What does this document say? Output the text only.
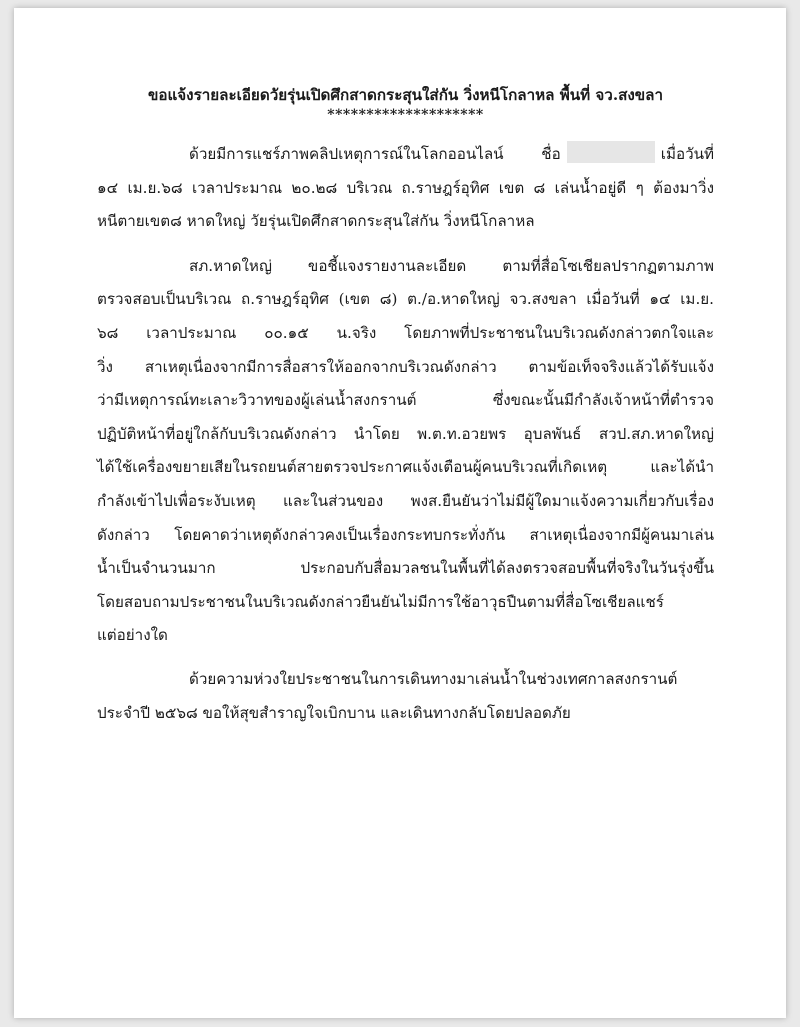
ขอแจ้งรายละเอียดวัยรุ่นเปิดศึกสาดกระสุนใส่กัน วิ่งหนีโกลาหล พื้นที่ จว.สงขลา

********************

ด้วยมีการแชร์ภาพคลิปเหตุการณ์ในโลกออนไลน์ ชื่อ	เมื่อวันที่
๑๔ เม.ย.๖๘ เวลาประมาณ ๒๐.๒๘ บริเวณ ถ.ราษฎร์อุทิศ เขต ๘ เล่นน้ำอยู่ดี ๆ ต้องมาวิ่ง
หนีตายเขต๘ หาดใหญ่ วัยรุ่นเปิดศึกสาดกระสุนใส่กัน วิ่งหนีโกลาหล
สภ.หาดใหญ่ ขอชี้แจงรายงานละเอียด ตามที่สื่อโซเชียลปรากฏตามภาพ
ตรวจสอบเป็นบริเวณ ถ.ราษฎร์อุทิศ (เขต ๘) ต./อ.หาดใหญ่ จว.สงขลา เมื่อวันที่ ๑๔ เม.ย.
๖๘ เวลาประมาณ ๐๐.๑๕ น.จริง โดยภาพที่ประชาชนในบริเวณดังกล่าวตกใจและ
วิ่ง สาเหตุเนื่องจากมีการสื่อสารให้ออกจากบริเวณดังกล่าว ตามข้อเท็จจริงแล้วได้รับแจ้ง
ว่ามีเหตุการณ์ทะเลาะวิวาทของผู้เล่นน้ำสงกรานต์ ซึ่งขณะนั้นมีกำลังเจ้าหน้าที่ตำรวจ
ปฏิบัติหน้าที่อยู่ใกล้กับบริเวณดังกล่าว นำโดย พ.ต.ท.อวยพร อุบลพันธ์ สวป.สภ.หาดใหญ่
ได้ใช้เครื่องขยายเสียในรถยนต์สายตรวจประกาศแจ้งเตือนผู้คนบริเวณที่เกิดเหตุ และได้นำ
กำลังเข้าไปเพื่อระงับเหตุ และในส่วนของ พงส.ยืนยันว่าไม่มีผู้ใดมาแจ้งความเกี่ยวกับเรื่อง
ดังกล่าว โดยคาดว่าเหตุดังกล่าวคงเป็นเรื่องกระทบกระทั่งกัน สาเหตุเนื่องจากมีผู้คนมาเล่น
น้ำเป็นจำนวนมาก ประกอบกับสื่อมวลชนในพื้นที่ได้ลงตรวจสอบพื้นที่จริงในวันรุ่งขึ้น
โดยสอบถามประชาชนในบริเวณดังกล่าวยืนยันไม่มีการใช้อาวุธปืนตามที่สื่อโซเชียลแชร์
แต่อย่างใด
ด้วยความห่วงใยประชาชนในการเดินทางมาเล่นน้ำในช่วงเทศกาลสงกรานต์
ประจำปี ๒๕๖๘ ขอให้สุขสำราญใจเบิกบาน และเดินทางกลับโดยปลอดภัย
